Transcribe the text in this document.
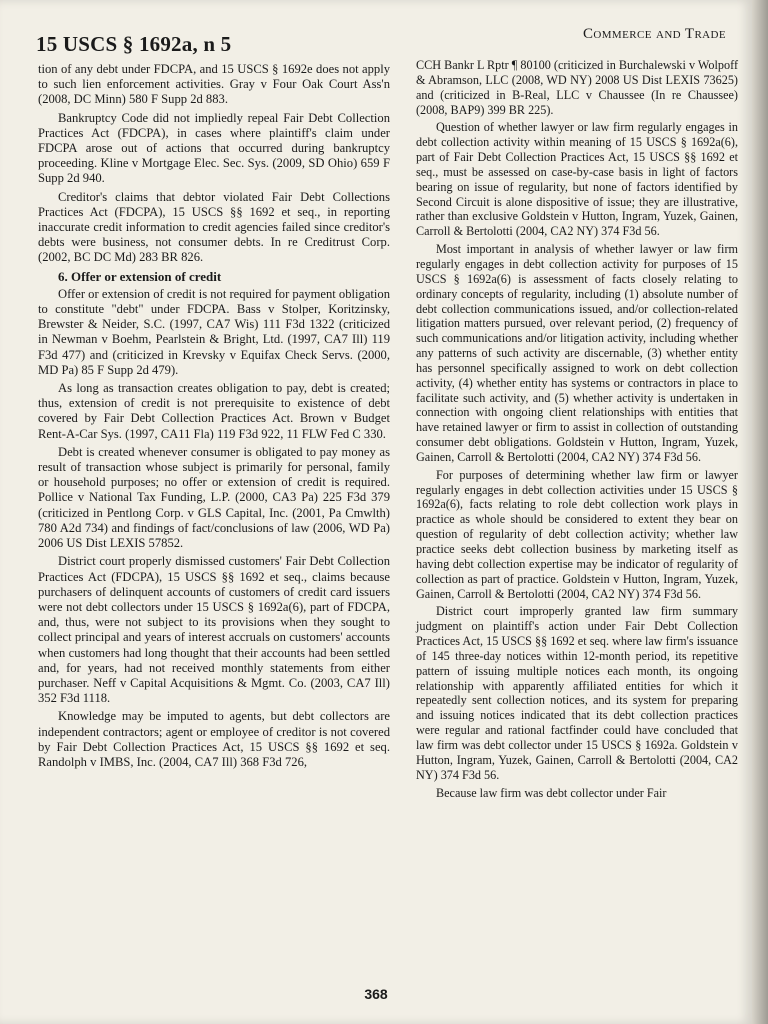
15 USCS § 1692a, n 5	Commerce and Trade

tion of any debt under FDCPA, and 15 USCS § 1692e does not apply to such lien enforcement activities. Gray v Four Oak Court Ass'n (2008, DC Minn) 580 F Supp 2d 883.

Bankruptcy Code did not impliedly repeal Fair Debt Collection Practices Act (FDCPA), in cases where plaintiff's claim under FDCPA arose out of actions that occurred during bankruptcy proceeding. Kline v Mortgage Elec. Sec. Sys. (2009, SD Ohio) 659 F Supp 2d 940.

Creditor's claims that debtor violated Fair Debt Collections Practices Act (FDCPA), 15 USCS §§ 1692 et seq., in reporting inaccurate credit information to credit agencies failed since creditor's debts were business, not consumer debts. In re Creditrust Corp. (2002, BC DC Md) 283 BR 826.

6. Offer or extension of credit

Offer or extension of credit is not required for payment obligation to constitute "debt" under FDCPA. Bass v Stolper, Koritzinsky, Brewster & Neider, S.C. (1997, CA7 Wis) 111 F3d 1322 (criticized in Newman v Boehm, Pearlstein & Bright, Ltd. (1997, CA7 Ill) 119 F3d 477) and (criticized in Krevsky v Equifax Check Servs. (2000, MD Pa) 85 F Supp 2d 479).

As long as transaction creates obligation to pay, debt is created; thus, extension of credit is not prerequisite to existence of debt covered by Fair Debt Collection Practices Act. Brown v Budget Rent-A-Car Sys. (1997, CA11 Fla) 119 F3d 922, 11 FLW Fed C 330.

Debt is created whenever consumer is obligated to pay money as result of transaction whose subject is primarily for personal, family or household purposes; no offer or extension of credit is required. Pollice v National Tax Funding, L.P. (2000, CA3 Pa) 225 F3d 379 (criticized in Pentlong Corp. v GLS Capital, Inc. (2001, Pa Cmwlth) 780 A2d 734) and findings of fact/conclusions of law (2006, WD Pa) 2006 US Dist LEXIS 57852.

District court properly dismissed customers' Fair Debt Collection Practices Act (FDCPA), 15 USCS §§ 1692 et seq., claims because purchasers of delinquent accounts of customers of credit card issuers were not debt collectors under 15 USCS § 1692a(6), part of FDCPA, and, thus, were not subject to its provisions when they sought to collect principal and years of interest accruals on customers' accounts when customers had long thought that their accounts had been settled and, for years, had not received monthly statements from either purchaser. Neff v Capital Acquisitions & Mgmt. Co. (2003, CA7 Ill) 352 F3d 1118.

Knowledge may be imputed to agents, but debt collectors are independent contractors; agent or employee of creditor is not covered by Fair Debt Collection Practices Act, 15 USCS §§ 1692 et seq. Randolph v IMBS, Inc. (2004, CA7 Ill) 368 F3d 726,

CCH Bankr L Rptr ¶ 80100 (criticized in Burchalewski v Wolpoff & Abramson, LLC (2008, WD NY) 2008 US Dist LEXIS 73625) and (criticized in B-Real, LLC v Chaussee (In re Chaussee) (2008, BAP9) 399 BR 225).

Question of whether lawyer or law firm regularly engages in debt collection activity within meaning of 15 USCS § 1692a(6), part of Fair Debt Collection Practices Act, 15 USCS §§ 1692 et seq., must be assessed on case-by-case basis in light of factors bearing on issue of regularity, but none of factors identified by Second Circuit is alone dispositive of issue; they are illustrative, rather than exclusive Goldstein v Hutton, Ingram, Yuzek, Gainen, Carroll & Bertolotti (2004, CA2 NY) 374 F3d 56.

Most important in analysis of whether lawyer or law firm regularly engages in debt collection activity for purposes of 15 USCS § 1692a(6) is assessment of facts closely relating to ordinary concepts of regularity, including (1) absolute number of debt collection communications issued, and/or collection-related litigation matters pursued, over relevant period, (2) frequency of such communications and/or litigation activity, including whether any patterns of such activity are discernable, (3) whether entity has personnel specifically assigned to work on debt collection activity, (4) whether entity has systems or contractors in place to facilitate such activity, and (5) whether activity is undertaken in connection with ongoing client relationships with entities that have retained lawyer or firm to assist in collection of outstanding consumer debt obligations. Goldstein v Hutton, Ingram, Yuzek, Gainen, Carroll & Bertolotti (2004, CA2 NY) 374 F3d 56.

For purposes of determining whether law firm or lawyer regularly engages in debt collection activities under 15 USCS § 1692a(6), facts relating to role debt collection work plays in practice as whole should be considered to extent they bear on question of regularity of debt collection activity; whether law practice seeks debt collection business by marketing itself as having debt collection expertise may be indicator of regularity of collection as part of practice. Goldstein v Hutton, Ingram, Yuzek, Gainen, Carroll & Bertolotti (2004, CA2 NY) 374 F3d 56.

District court improperly granted law firm summary judgment on plaintiff's action under Fair Debt Collection Practices Act, 15 USCS §§ 1692 et seq. where law firm's issuance of 145 three-day notices within 12-month period, its repetitive pattern of issuing multiple notices each month, its ongoing relationship with apparently affiliated entities for which it repeatedly sent collection notices, and its system for preparing and issuing notices indicated that its debt collection practices were regular and rational factfinder could have concluded that law firm was debt collector under 15 USCS § 1692a. Goldstein v Hutton, Ingram, Yuzek, Gainen, Carroll & Bertolotti (2004, CA2 NY) 374 F3d 56.

Because law firm was debt collector under Fair

368
